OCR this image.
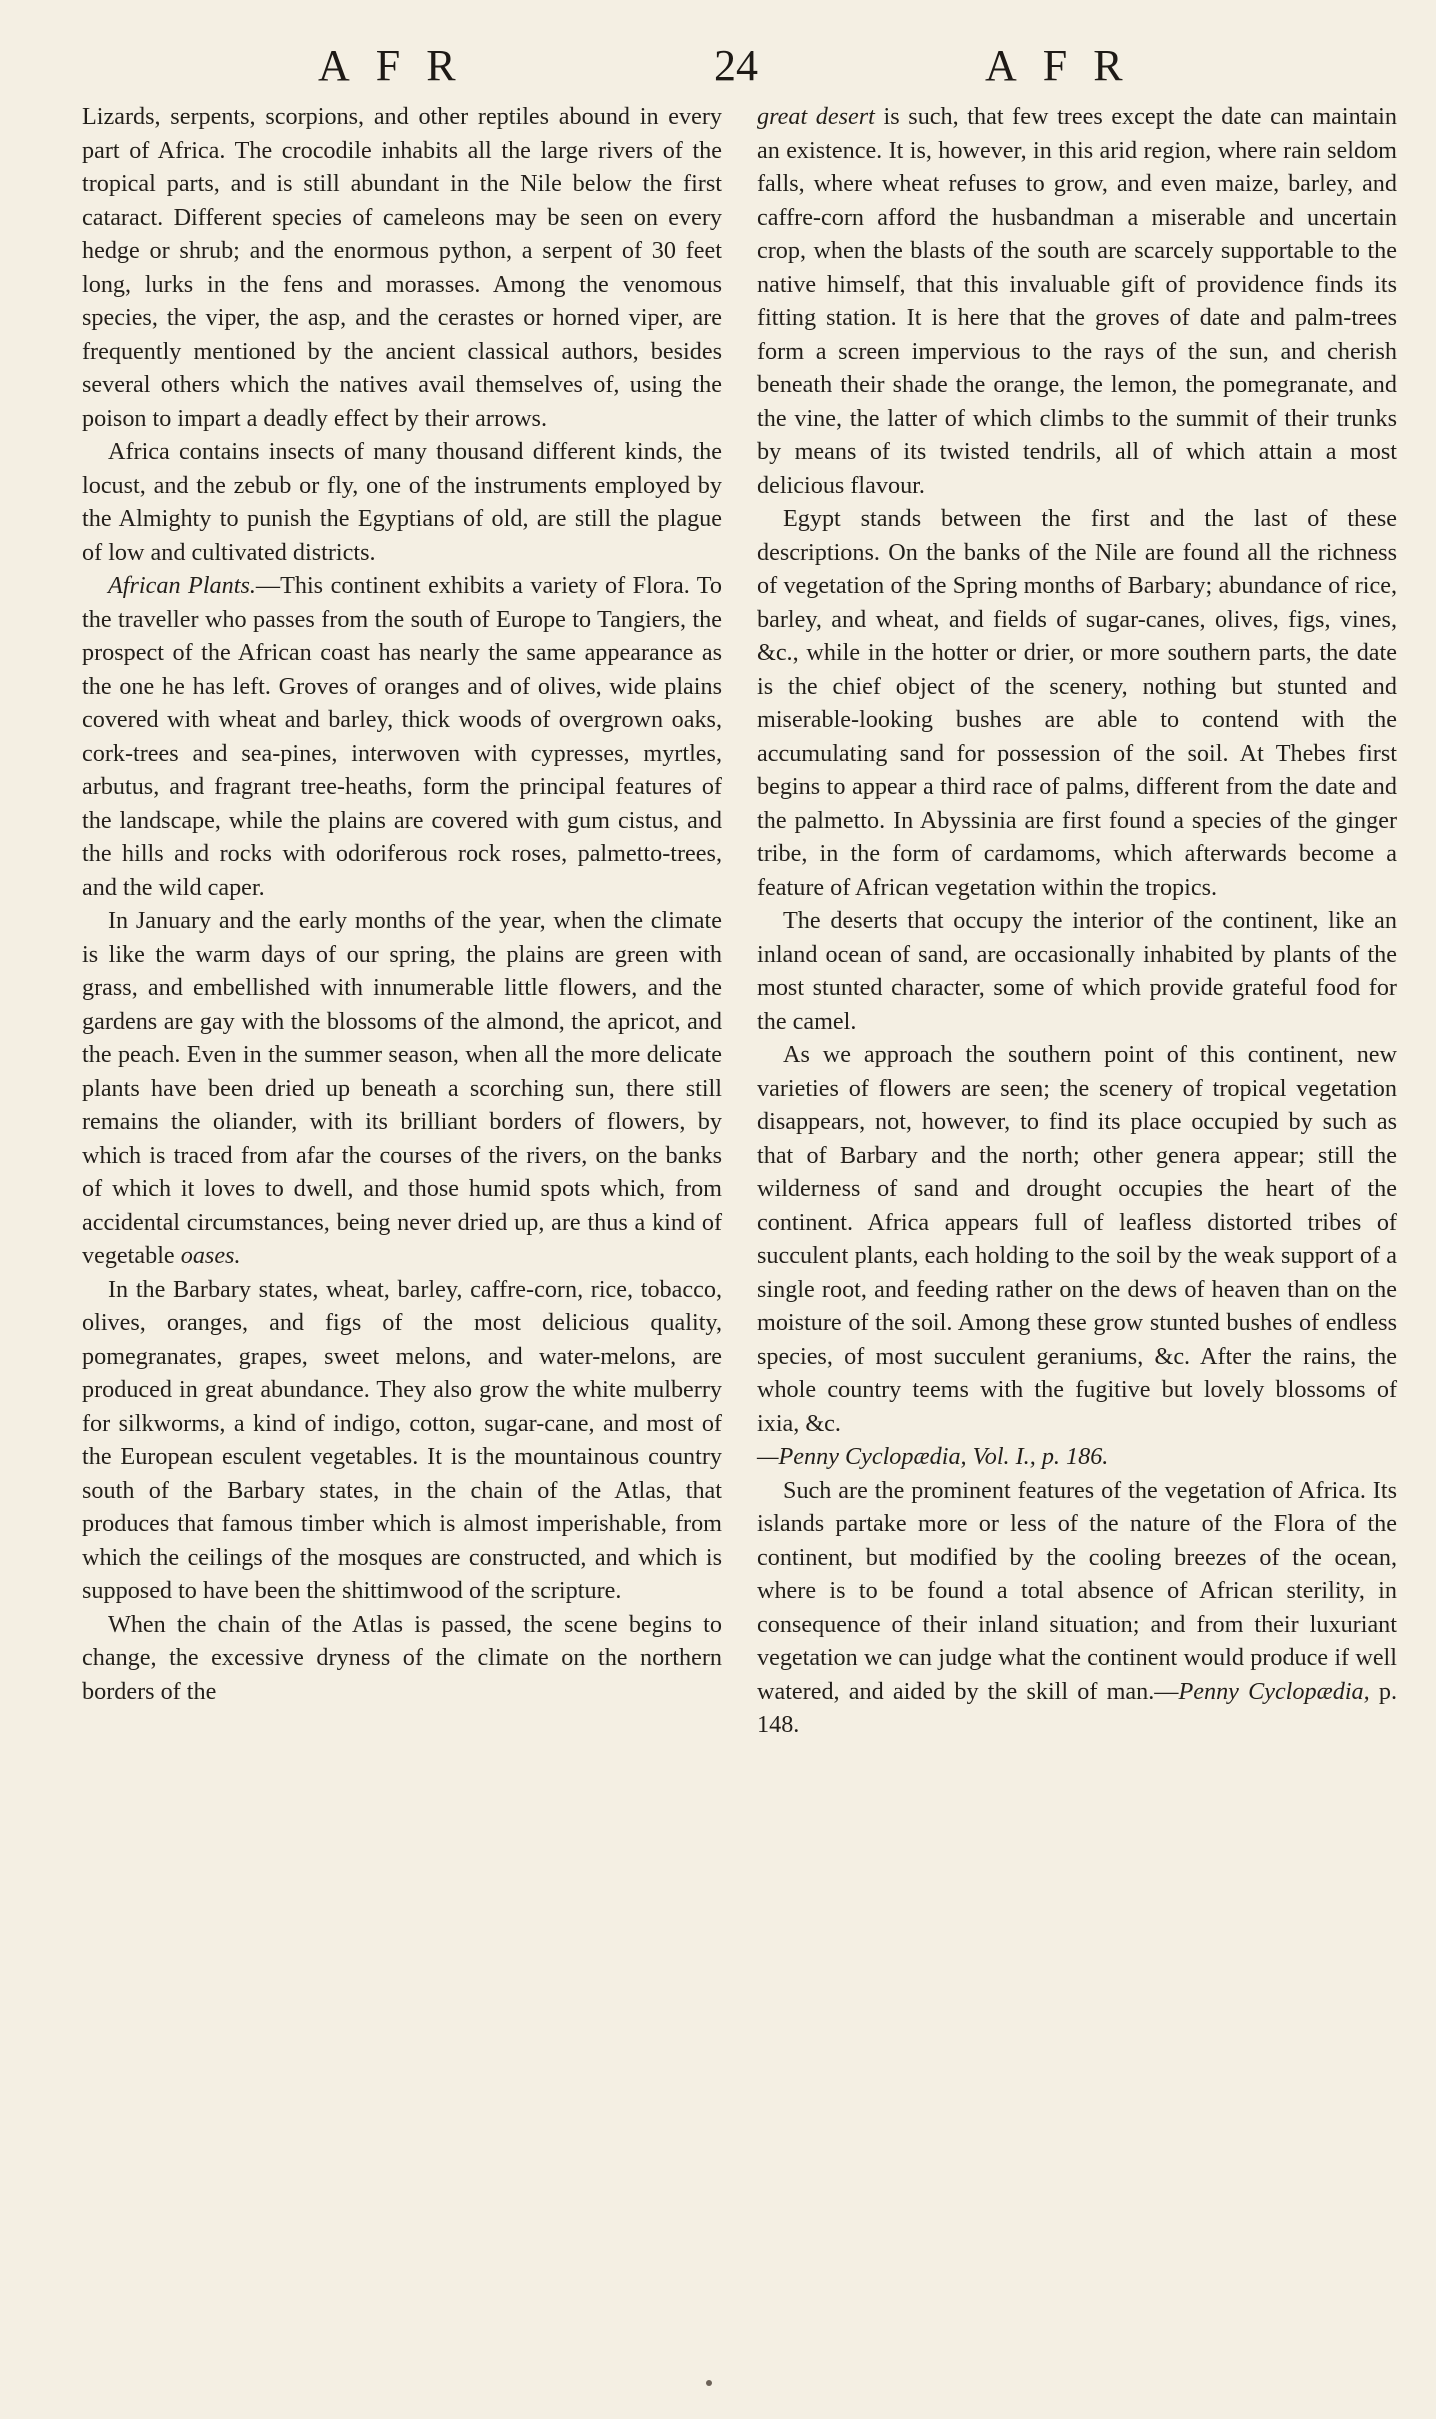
AFR	24	AFR

Lizards, serpents, scorpions, and other reptiles abound in every part of Africa. The crocodile inhabits all the large rivers of the tropical parts, and is still abundant in the Nile below the first cataract. Different species of cameleons may be seen on every hedge or shrub; and the enormous python, a serpent of 30 feet long, lurks in the fens and morasses. Among the venomous species, the viper, the asp, and the cerastes or horned viper, are frequently mentioned by the ancient classical authors, besides several others which the natives avail themselves of, using the poison to impart a deadly effect by their arrows.

Africa contains insects of many thousand different kinds, the locust, and the zebub or fly, one of the instruments employed by the Almighty to punish the Egyptians of old, are still the plague of low and cultivated districts.

African Plants.—This continent exhibits a variety of Flora. To the traveller who passes from the south of Europe to Tangiers, the prospect of the African coast has nearly the same appearance as the one he has left. Groves of oranges and of olives, wide plains covered with wheat and barley, thick woods of overgrown oaks, cork-trees and sea-pines, interwoven with cypresses, myrtles, arbutus, and fragrant tree-heaths, form the principal features of the landscape, while the plains are covered with gum cistus, and the hills and rocks with odoriferous rock roses, palmetto-trees, and the wild caper.

In January and the early months of the year, when the climate is like the warm days of our spring, the plains are green with grass, and embellished with innumerable little flowers, and the gardens are gay with the blossoms of the almond, the apricot, and the peach. Even in the summer season, when all the more delicate plants have been dried up beneath a scorching sun, there still remains the oliander, with its brilliant borders of flowers, by which is traced from afar the courses of the rivers, on the banks of which it loves to dwell, and those humid spots which, from accidental circumstances, being never dried up, are thus a kind of vegetable oases.

In the Barbary states, wheat, barley, caffre-corn, rice, tobacco, olives, oranges, and figs of the most delicious quality, pomegranates, grapes, sweet melons, and water-melons, are produced in great abundance. They also grow the white mulberry for silkworms, a kind of indigo, cotton, sugar-cane, and most of the European esculent vegetables. It is the mountainous country south of the Barbary states, in the chain of the Atlas, that produces that famous timber which is almost imperishable, from which the ceilings of the mosques are constructed, and which is supposed to have been the shittimwood of the scripture.

When the chain of the Atlas is passed, the scene begins to change, the excessive dryness of the climate on the northern borders of the

great desert is such, that few trees except the date can maintain an existence. It is, however, in this arid region, where rain seldom falls, where wheat refuses to grow, and even maize, barley, and caffre-corn afford the husbandman a miserable and uncertain crop, when the blasts of the south are scarcely supportable to the native himself, that this invaluable gift of providence finds its fitting station. It is here that the groves of date and palm-trees form a screen impervious to the rays of the sun, and cherish beneath their shade the orange, the lemon, the pomegranate, and the vine, the latter of which climbs to the summit of their trunks by means of its twisted tendrils, all of which attain a most delicious flavour.

Egypt stands between the first and the last of these descriptions. On the banks of the Nile are found all the richness of vegetation of the Spring months of Barbary; abundance of rice, barley, and wheat, and fields of sugar-canes, olives, figs, vines, &c., while in the hotter or drier, or more southern parts, the date is the chief object of the scenery, nothing but stunted and miserable-looking bushes are able to contend with the accumulating sand for possession of the soil. At Thebes first begins to appear a third race of palms, different from the date and the palmetto. In Abyssinia are first found a species of the ginger tribe, in the form of cardamoms, which afterwards become a feature of African vegetation within the tropics.

The deserts that occupy the interior of the continent, like an inland ocean of sand, are occasionally inhabited by plants of the most stunted character, some of which provide grateful food for the camel.

As we approach the southern point of this continent, new varieties of flowers are seen; the scenery of tropical vegetation disappears, not, however, to find its place occupied by such as that of Barbary and the north; other genera appear; still the wilderness of sand and drought occupies the heart of the continent. Africa appears full of leafless distorted tribes of succulent plants, each holding to the soil by the weak support of a single root, and feeding rather on the dews of heaven than on the moisture of the soil. Among these grow stunted bushes of endless species, of most succulent geraniums, &c. After the rains, the whole country teems with the fugitive but lovely blossoms of ixia, &c.

—Penny Cyclopædia, Vol. I., p. 186.

Such are the prominent features of the vegetation of Africa. Its islands partake more or less of the nature of the Flora of the continent, but modified by the cooling breezes of the ocean, where is to be found a total absence of African sterility, in consequence of their inland situation; and from their luxuriant vegetation we can judge what the continent would produce if well watered, and aided by the skill of man.—Penny Cyclopædia, p. 148.
